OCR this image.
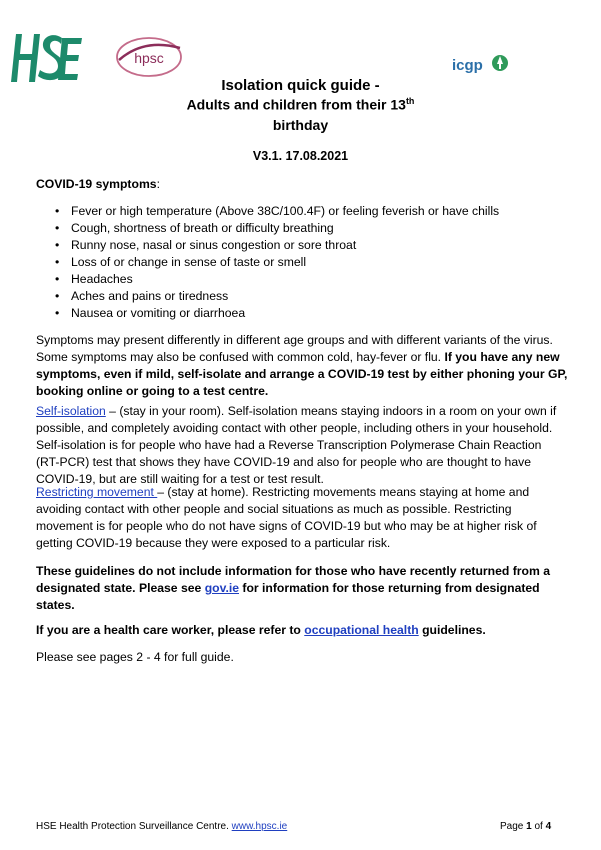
hpsc	icgp
Isolation quick guide -
Adults and children from their 13th
birthday
V3.1. 17.08.2021
COVID-19 symptoms:
• Fever or high temperature (Above 38C/100.4F) or feeling feverish or have chills
• Cough, shortness of breath or difficulty breathing
• Runny nose, nasal or sinus congestion or sore throat
• Loss of or change in sense of taste or smell
• Headaches
• Aches and pains or tiredness
• Nausea or vomiting or diarrhoea

Symptoms may present differently in different age groups and with different variants of the virus. Some symptoms may also be confused with common cold, hay-fever or flu. If you have any new symptoms, even if mild, self-isolate and arrange a COVID-19 test by either phoning your GP, booking online or going to a test centre.

Self-isolation – (stay in your room). Self-isolation means staying indoors in a room on your own if possible, and completely avoiding contact with other people, including others in your household. Self-isolation is for people who have had a Reverse Transcription Polymerase Chain Reaction (RT-PCR) test that shows they have COVID-19 and also for people who are thought to have COVID-19, but are still waiting for a test or test result.

Restricting movement – (stay at home). Restricting movements means staying at home and avoiding contact with other people and social situations as much as possible. Restricting movement is for people who do not have signs of COVID-19 but who may be at higher risk of getting COVID-19 because they were exposed to a particular risk.

These guidelines do not include information for those who have recently returned from a designated state. Please see gov.ie for information for those returning from designated states.

If you are a health care worker, please refer to occupational health guidelines.

Please see pages 2 - 4 for full guide.

HSE Health Protection Surveillance Centre. www.hpsc.ie	Page 1 of 4
